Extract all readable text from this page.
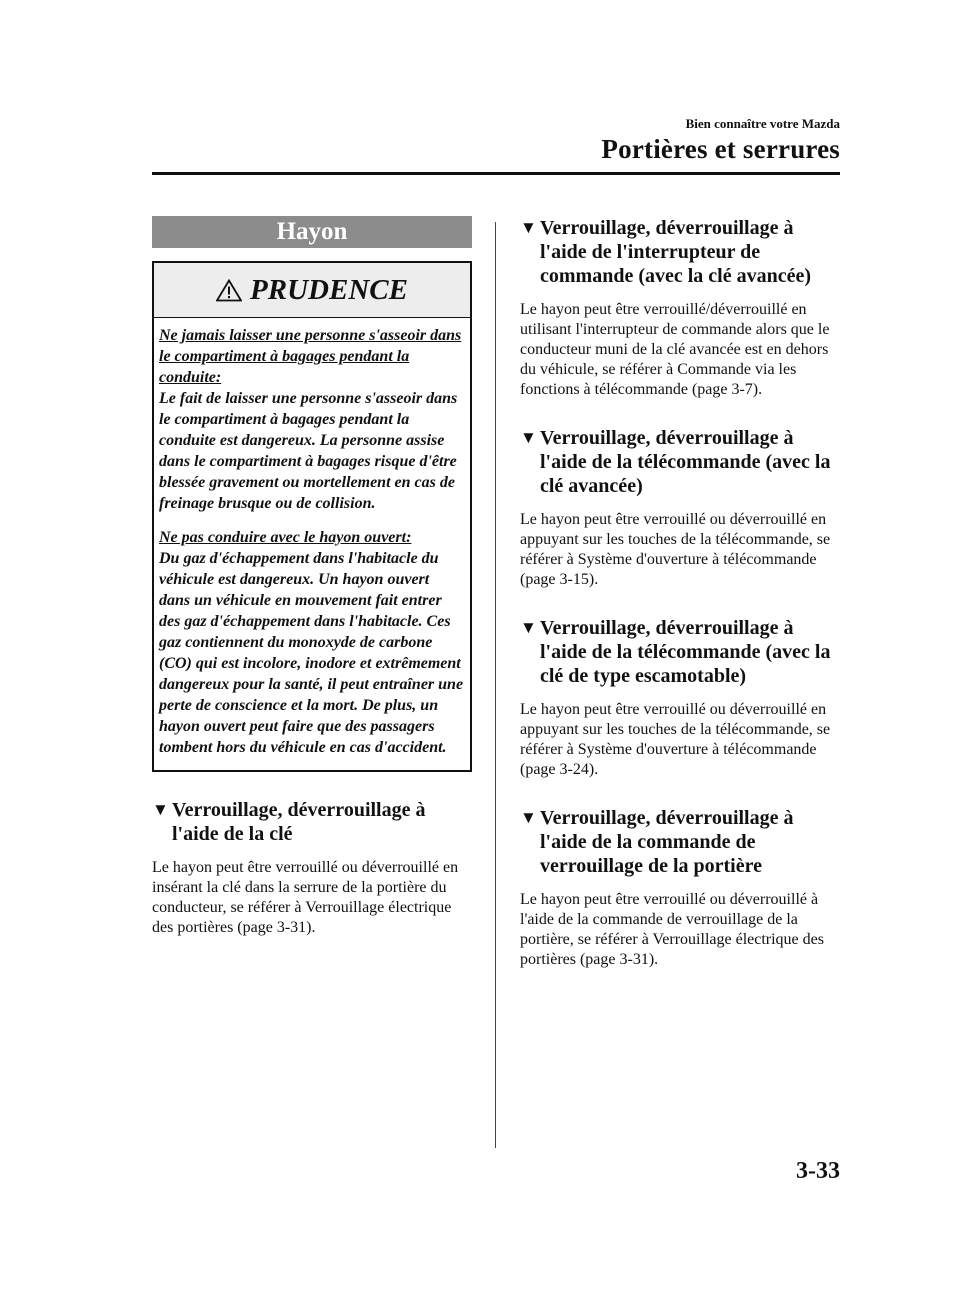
Bien connaître votre Mazda
Portières et serrures
Hayon
PRUDENCE

Ne jamais laisser une personne s'asseoir dans le compartiment à bagages pendant la conduite:

Le fait de laisser une personne s'asseoir dans le compartiment à bagages pendant la conduite est dangereux. La personne assise dans le compartiment à bagages risque d'être blessée gravement ou mortellement en cas de freinage brusque ou de collision.

Ne pas conduire avec le hayon ouvert:

Du gaz d'échappement dans l'habitacle du véhicule est dangereux. Un hayon ouvert dans un véhicule en mouvement fait entrer des gaz d'échappement dans l'habitacle. Ces gaz contiennent du monoxyde de carbone (CO) qui est incolore, inodore et extrêmement dangereux pour la santé, il peut entraîner une perte de conscience et la mort. De plus, un hayon ouvert peut faire que des passagers tombent hors du véhicule en cas d'accident.

▼ Verrouillage, déverrouillage à l'aide de la clé

Le hayon peut être verrouillé ou déverrouillé en insérant la clé dans la serrure de la portière du conducteur, se référer à Verrouillage électrique des portières (page 3-31).

▼ Verrouillage, déverrouillage à l'aide de l'interrupteur de commande (avec la clé avancée)

Le hayon peut être verrouillé/déverrouillé en utilisant l'interrupteur de commande alors que le conducteur muni de la clé avancée est en dehors du véhicule, se référer à Commande via les fonctions à télécommande (page 3-7).

▼ Verrouillage, déverrouillage à l'aide de la télécommande (avec la clé avancée)

Le hayon peut être verrouillé ou déverrouillé en appuyant sur les touches de la télécommande, se référer à Système d'ouverture à télécommande (page 3-15).

▼ Verrouillage, déverrouillage à l'aide de la télécommande (avec la clé de type escamotable)

Le hayon peut être verrouillé ou déverrouillé en appuyant sur les touches de la télécommande, se référer à Système d'ouverture à télécommande (page 3-24).

▼ Verrouillage, déverrouillage à l'aide de la commande de verrouillage de la portière

Le hayon peut être verrouillé ou déverrouillé à l'aide de la commande de verrouillage de la portière, se référer à Verrouillage électrique des portières (page 3-31).

3-33
